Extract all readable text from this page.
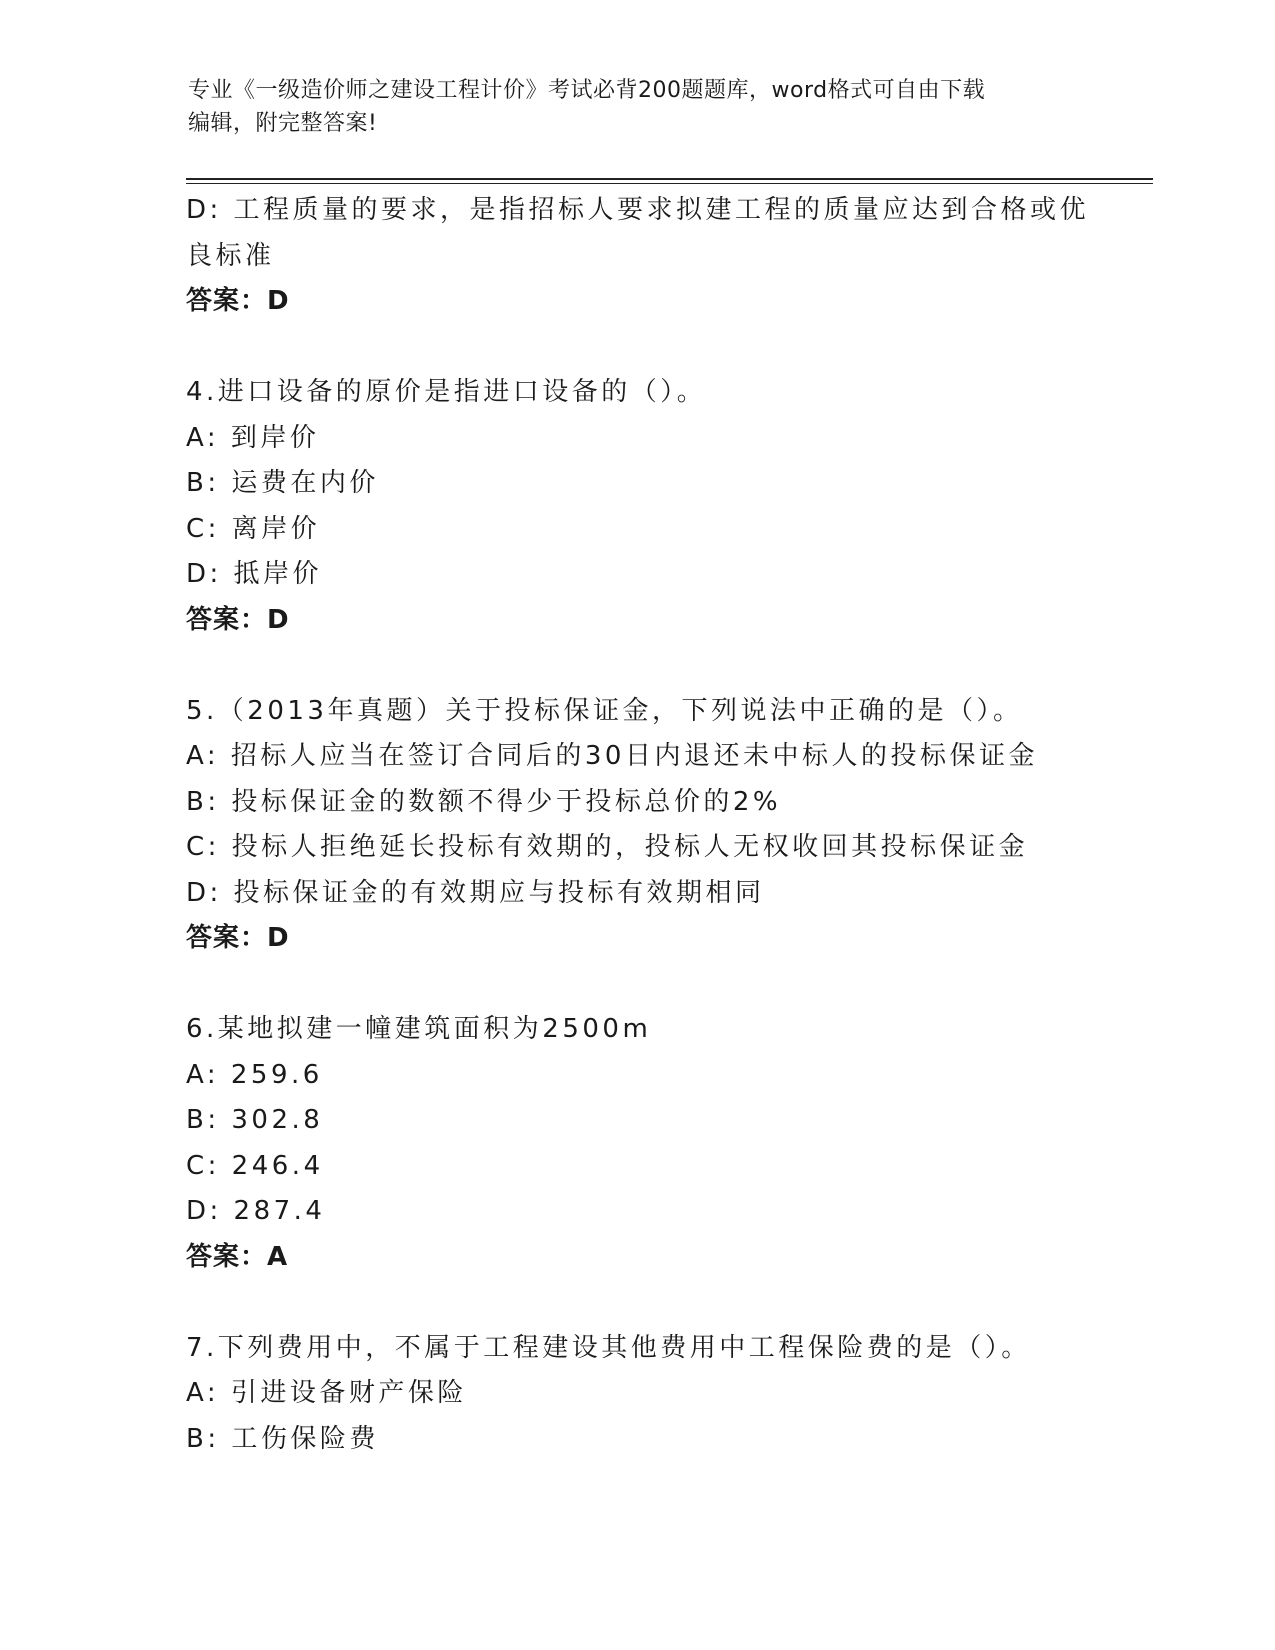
专业《一级造价师之建设工程计价》考试必背200题题库，word格式可自由下载
编辑，附完整答案!
D: 工程质量的要求，是指招标人要求拟建工程的质量应达到合格或优
良标准
答案：D
4.进口设备的原价是指进口设备的（）。
A: 到岸价
B: 运费在内价
C: 离岸价
D: 抵岸价
答案：D
5.（2013年真题）关于投标保证金，下列说法中正确的是（）。
A: 招标人应当在签订合同后的30日内退还未中标人的投标保证金
B: 投标保证金的数额不得少于投标总价的2%
C: 投标人拒绝延长投标有效期的，投标人无权收回其投标保证金
D: 投标保证金的有效期应与投标有效期相同
答案：D
6.某地拟建一幢建筑面积为2500m
A: 259.6
B: 302.8
C: 246.4
D: 287.4
答案：A
7.下列费用中，不属于工程建设其他费用中工程保险费的是（）。
A: 引进设备财产保险
B: 工伤保险费
